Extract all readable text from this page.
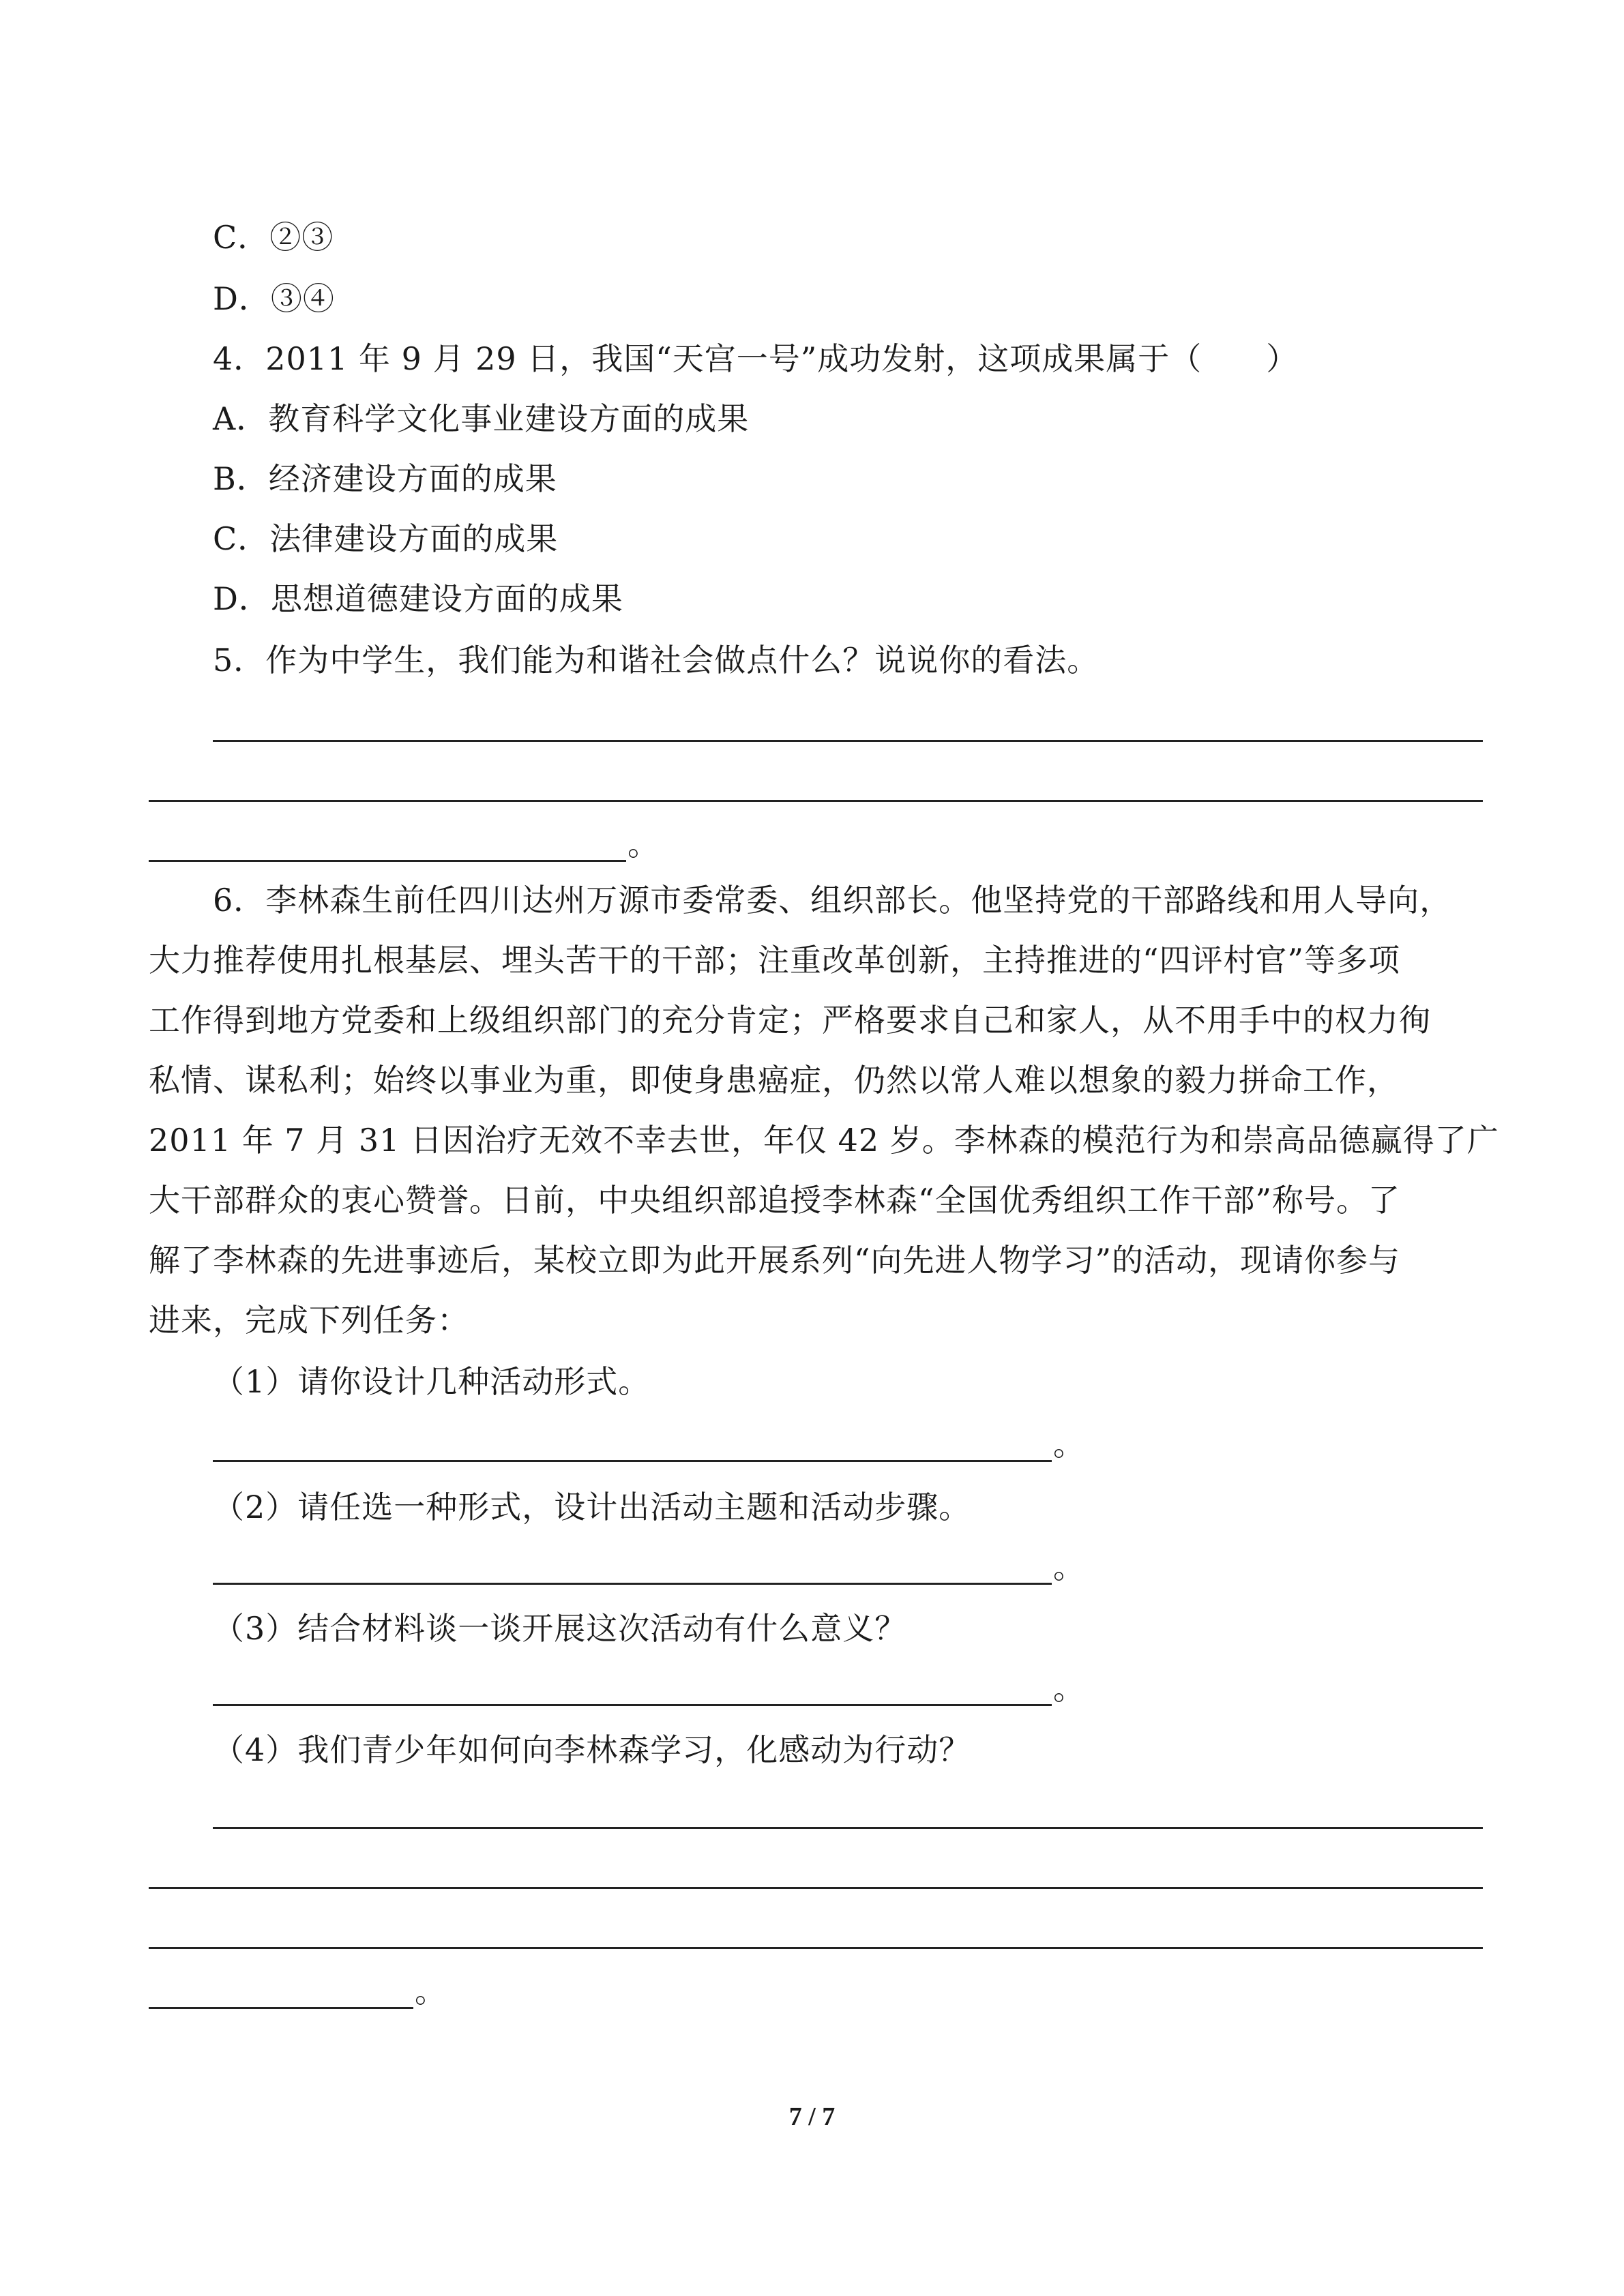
C．②③
D．③④
4．2011 年 9 月 29 日，我国“天宫一号”成功发射，这项成果属于（　　）
A．教育科学文化事业建设方面的成果
B．经济建设方面的成果
C．法律建设方面的成果
D．思想道德建设方面的成果
5．作为中学生，我们能为和谐社会做点什么？说说你的看法。
。
6．李林森生前任四川达州万源市委常委、组织部长。他坚持党的干部路线和用人导向，
大力推荐使用扎根基层、埋头苦干的干部；注重改革创新，主持推进的“四评村官”等多项
工作得到地方党委和上级组织部门的充分肯定；严格要求自己和家人，从不用手中的权力徇
私情、谋私利；始终以事业为重，即使身患癌症，仍然以常人难以想象的毅力拼命工作，
2011 年 7 月 31 日因治疗无效不幸去世，年仅 42 岁。李林森的模范行为和崇高品德赢得了广
大干部群众的衷心赞誉。日前，中央组织部追授李林森“全国优秀组织工作干部”称号。了
解了李林森的先进事迹后，某校立即为此开展系列“向先进人物学习”的活动，现请你参与
进来，完成下列任务：
（1）请你设计几种活动形式。
。
（2）请任选一种形式，设计出活动主题和活动步骤。
。
（3）结合材料谈一谈开展这次活动有什么意义？
。
（4）我们青少年如何向李林森学习，化感动为行动？
。
7 / 7
